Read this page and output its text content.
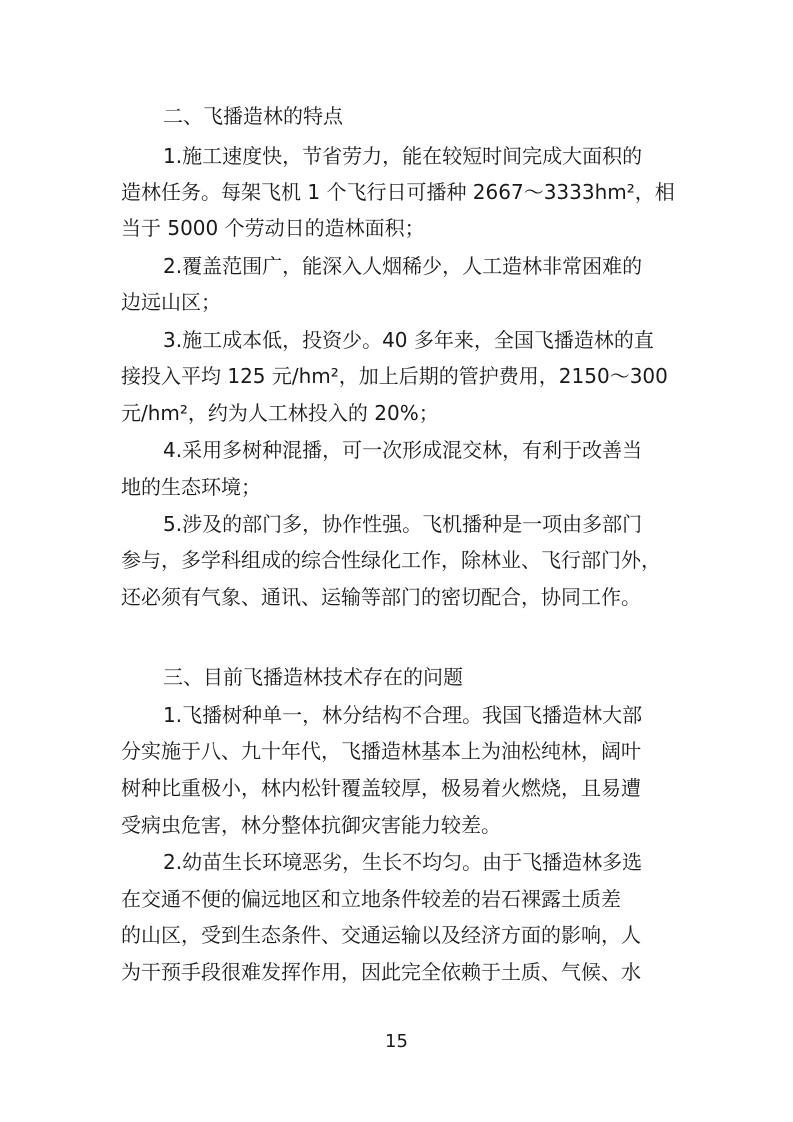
二、飞播造林的特点
1.施工速度快，节省劳力，能在较短时间完成大面积的
造林任务。每架飞机 1 个飞行日可播种 2667～3333hm²，相
当于 5000 个劳动日的造林面积；
2.覆盖范围广，能深入人烟稀少，人工造林非常困难的
边远山区；
3.施工成本低，投资少。40 多年来，全国飞播造林的直
接投入平均 125 元/hm²，加上后期的管护费用，2150～300
元/hm²，约为人工林投入的 20%；
4.采用多树种混播，可一次形成混交林，有利于改善当
地的生态环境；
5.涉及的部门多，协作性强。飞机播种是一项由多部门
参与，多学科组成的综合性绿化工作，除林业、飞行部门外，
还必须有气象、通讯、运输等部门的密切配合，协同工作。
三、目前飞播造林技术存在的问题
1.飞播树种单一，林分结构不合理。我国飞播造林大部
分实施于八、九十年代，飞播造林基本上为油松纯林，阔叶
树种比重极小，林内松针覆盖较厚，极易着火燃烧，且易遭
受病虫危害，林分整体抗御灾害能力较差。
2.幼苗生长环境恶劣，生长不均匀。由于飞播造林多选
在交通不便的偏远地区和立地条件较差的岩石裸露土质差
的山区，受到生态条件、交通运输以及经济方面的影响，人
为干预手段很难发挥作用，因此完全依赖于土质、气候、水
15
